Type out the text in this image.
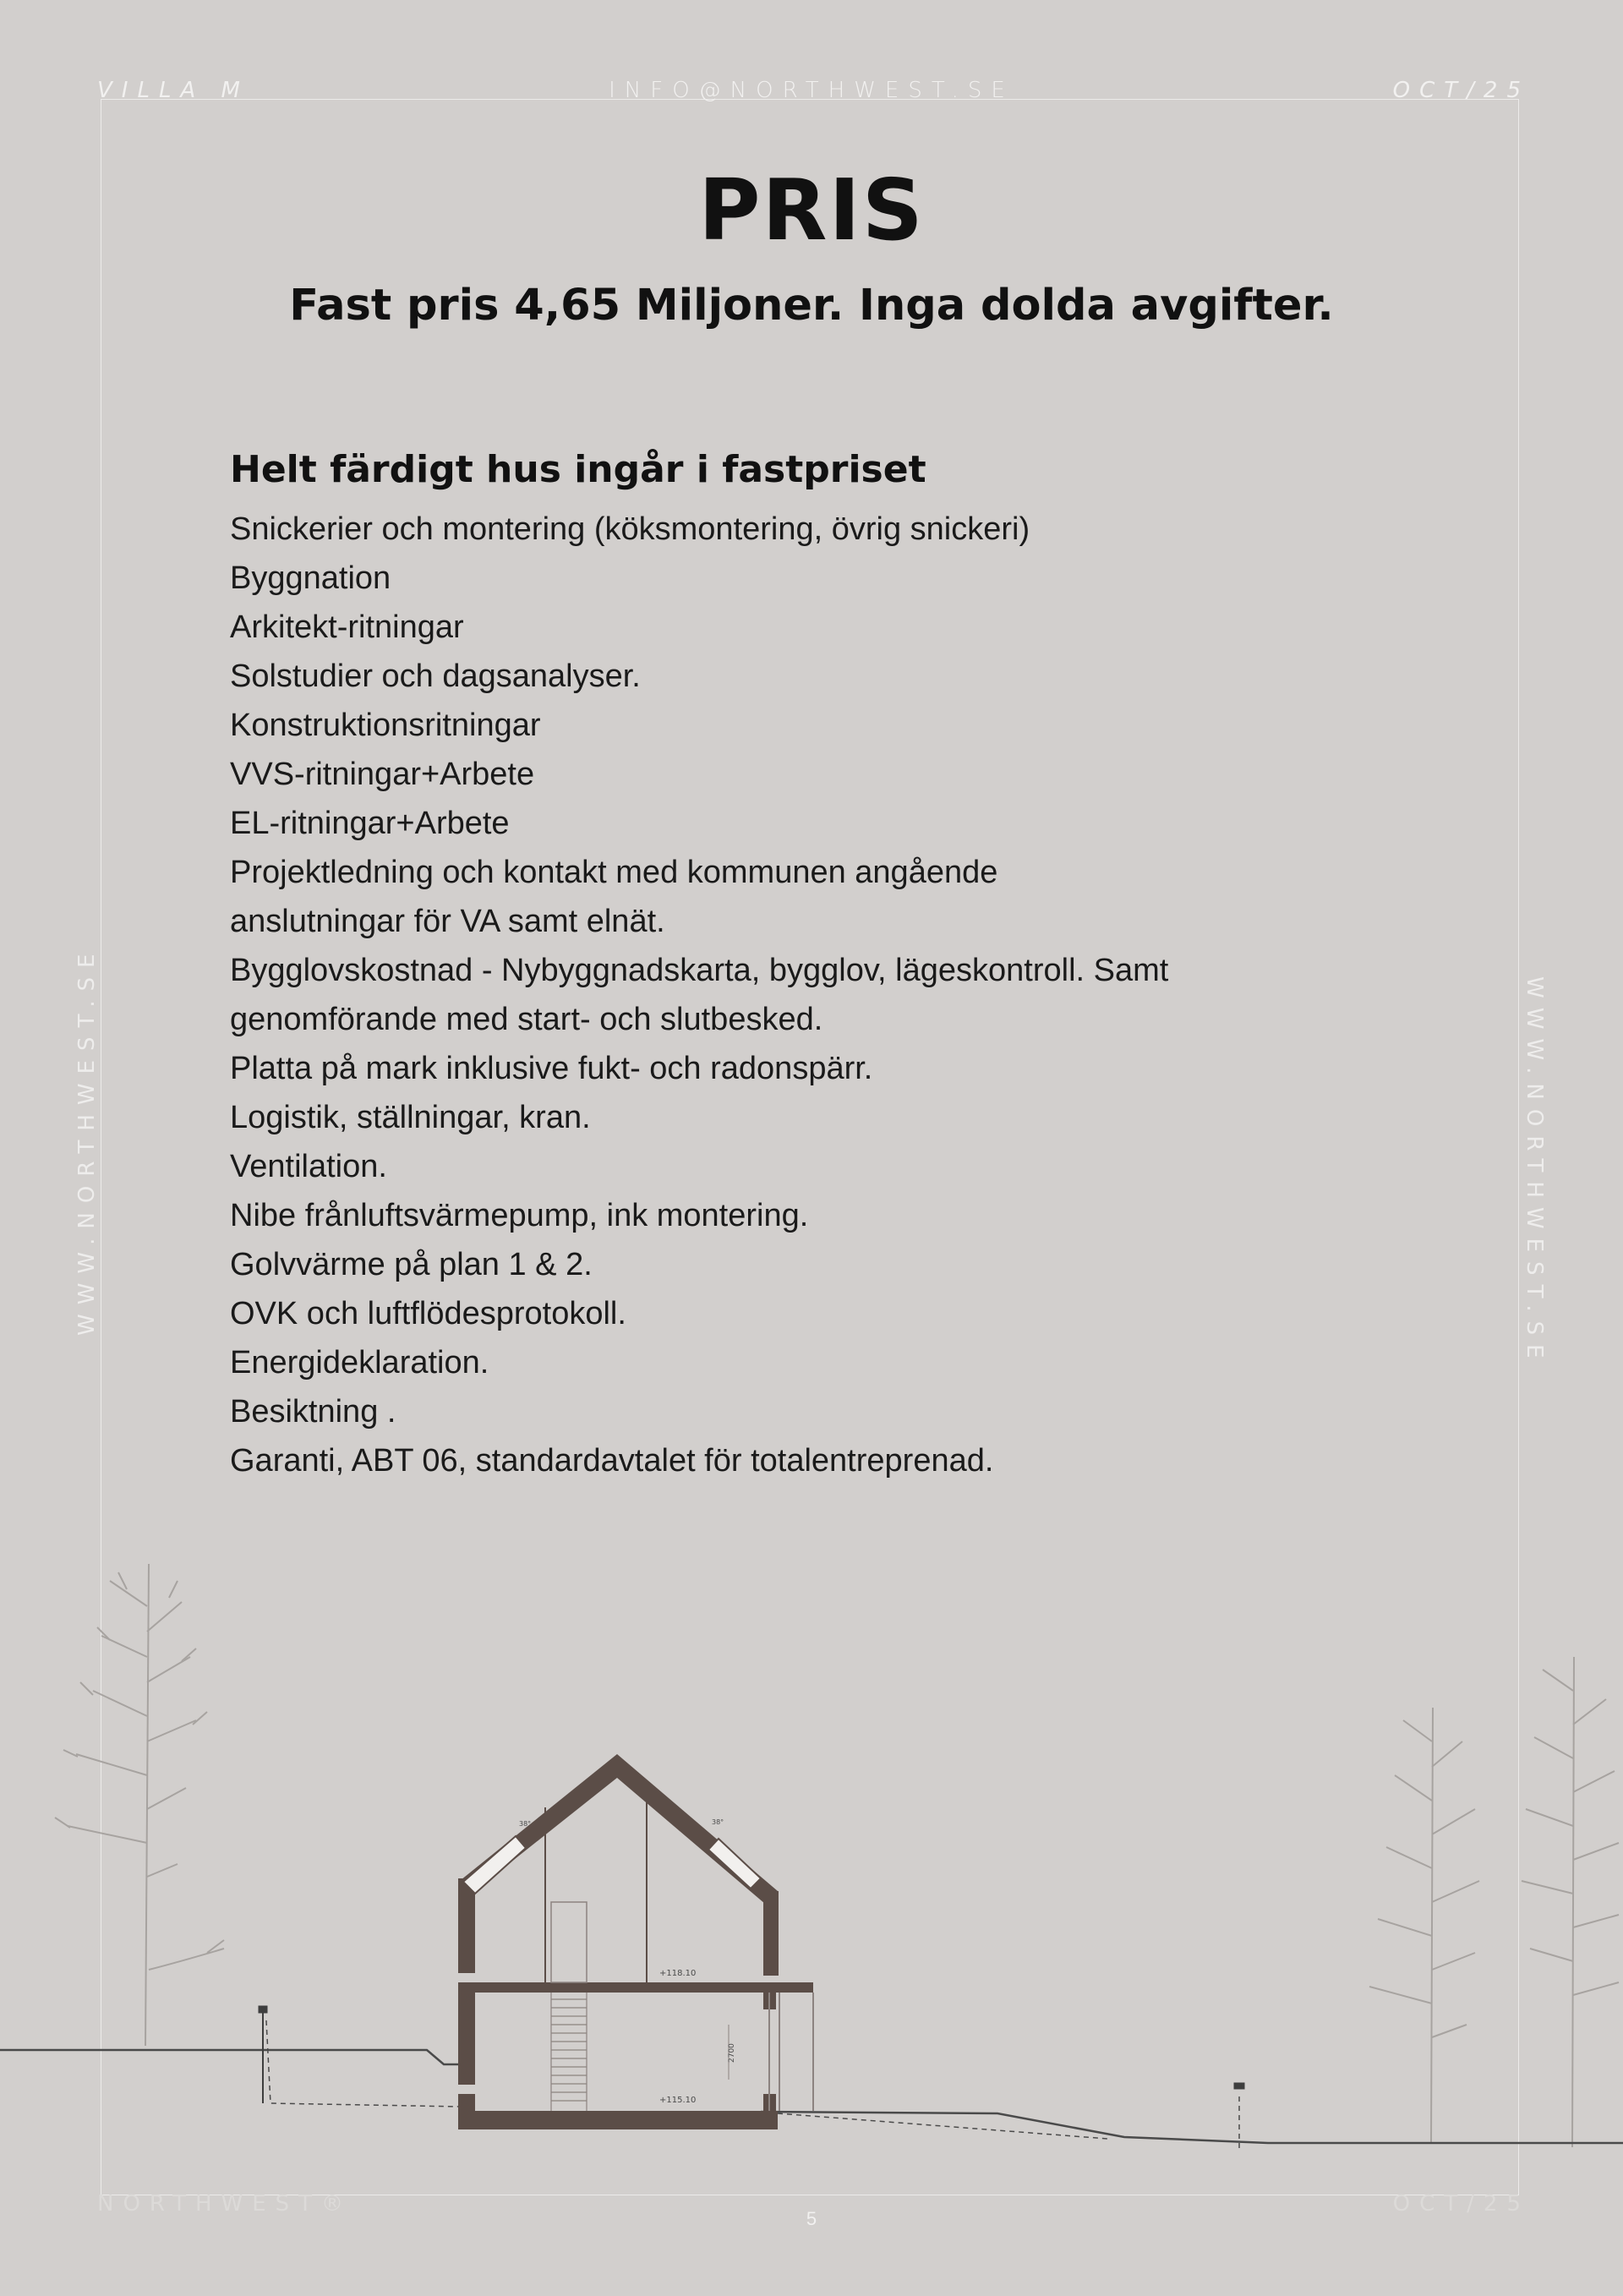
VILLA M	INFO@NORTHWEST.SE	OCT/25
WWW.NORTHWEST.SE	WWW.NORTHWEST.SE
PRIS
Fast pris 4,65 Miljoner. Inga dolda avgifter.
Helt färdigt hus ingår i fastpriset
Snickerier och montering (köksmontering, övrig snickeri)
Byggnation
Arkitekt-ritningar
Solstudier och dagsanalyser.
Konstruktionsritningar
VVS-ritningar+Arbete
EL-ritningar+Arbete
Projektledning och kontakt med kommunen angående
anslutningar för VA samt elnät.
Bygglovskostnad - Nybyggnadskarta, bygglov, lägeskontroll. Samt
genomförande med start- och slutbesked.
Platta på mark inklusive fukt- och radonspärr.
Logistik, ställningar, kran.
Ventilation.
Nibe frånluftsvärmepump, ink montering.
Golvvärme på plan 1 & 2.
OVK och luftflödesprotokoll.
Energideklaration.
Besiktning .
Garanti, ABT 06, standardavtalet för totalentreprenad.
+118.10
+115.10
2700
38°	38°
NORTHWEST®	OCT/25
5
